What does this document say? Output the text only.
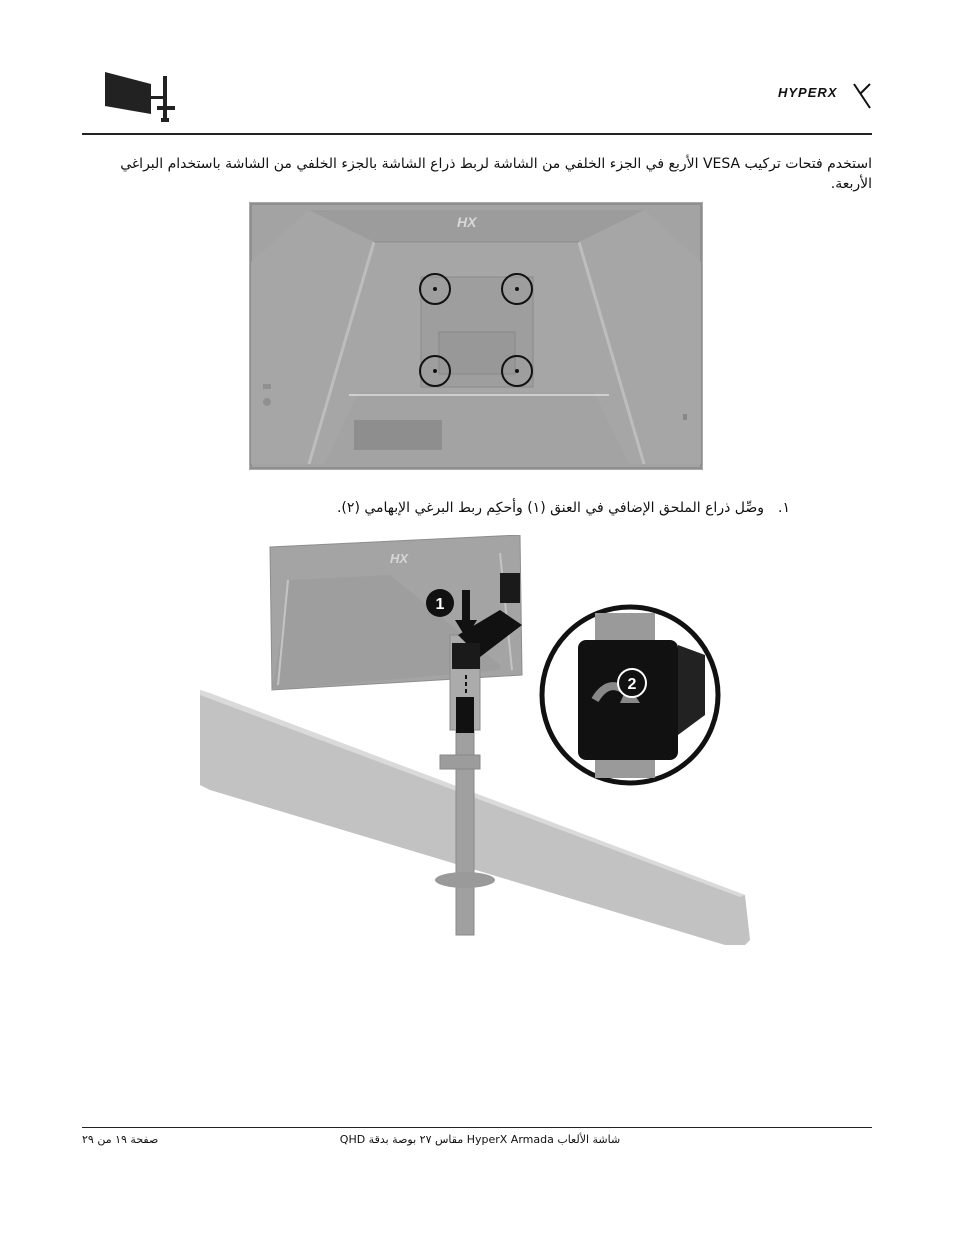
HYPERX
استخدم فتحات تركيب VESA الأربع في الجزء الخلفي من الشاشة لربط ذراع الشاشة بالجزء الخلفي من الشاشة باستخدام البراغي الأربعة.
HX
١.وصِّل ذراع الملحق الإضافي في العنق (١) وأحكِم ربط البرغي الإبهامي (٢).
HX
1
2
شاشة الألعاب HyperX Armada مقاس ٢٧ بوصة بدقة QHD
صفحة ١٩ من ٢٩
